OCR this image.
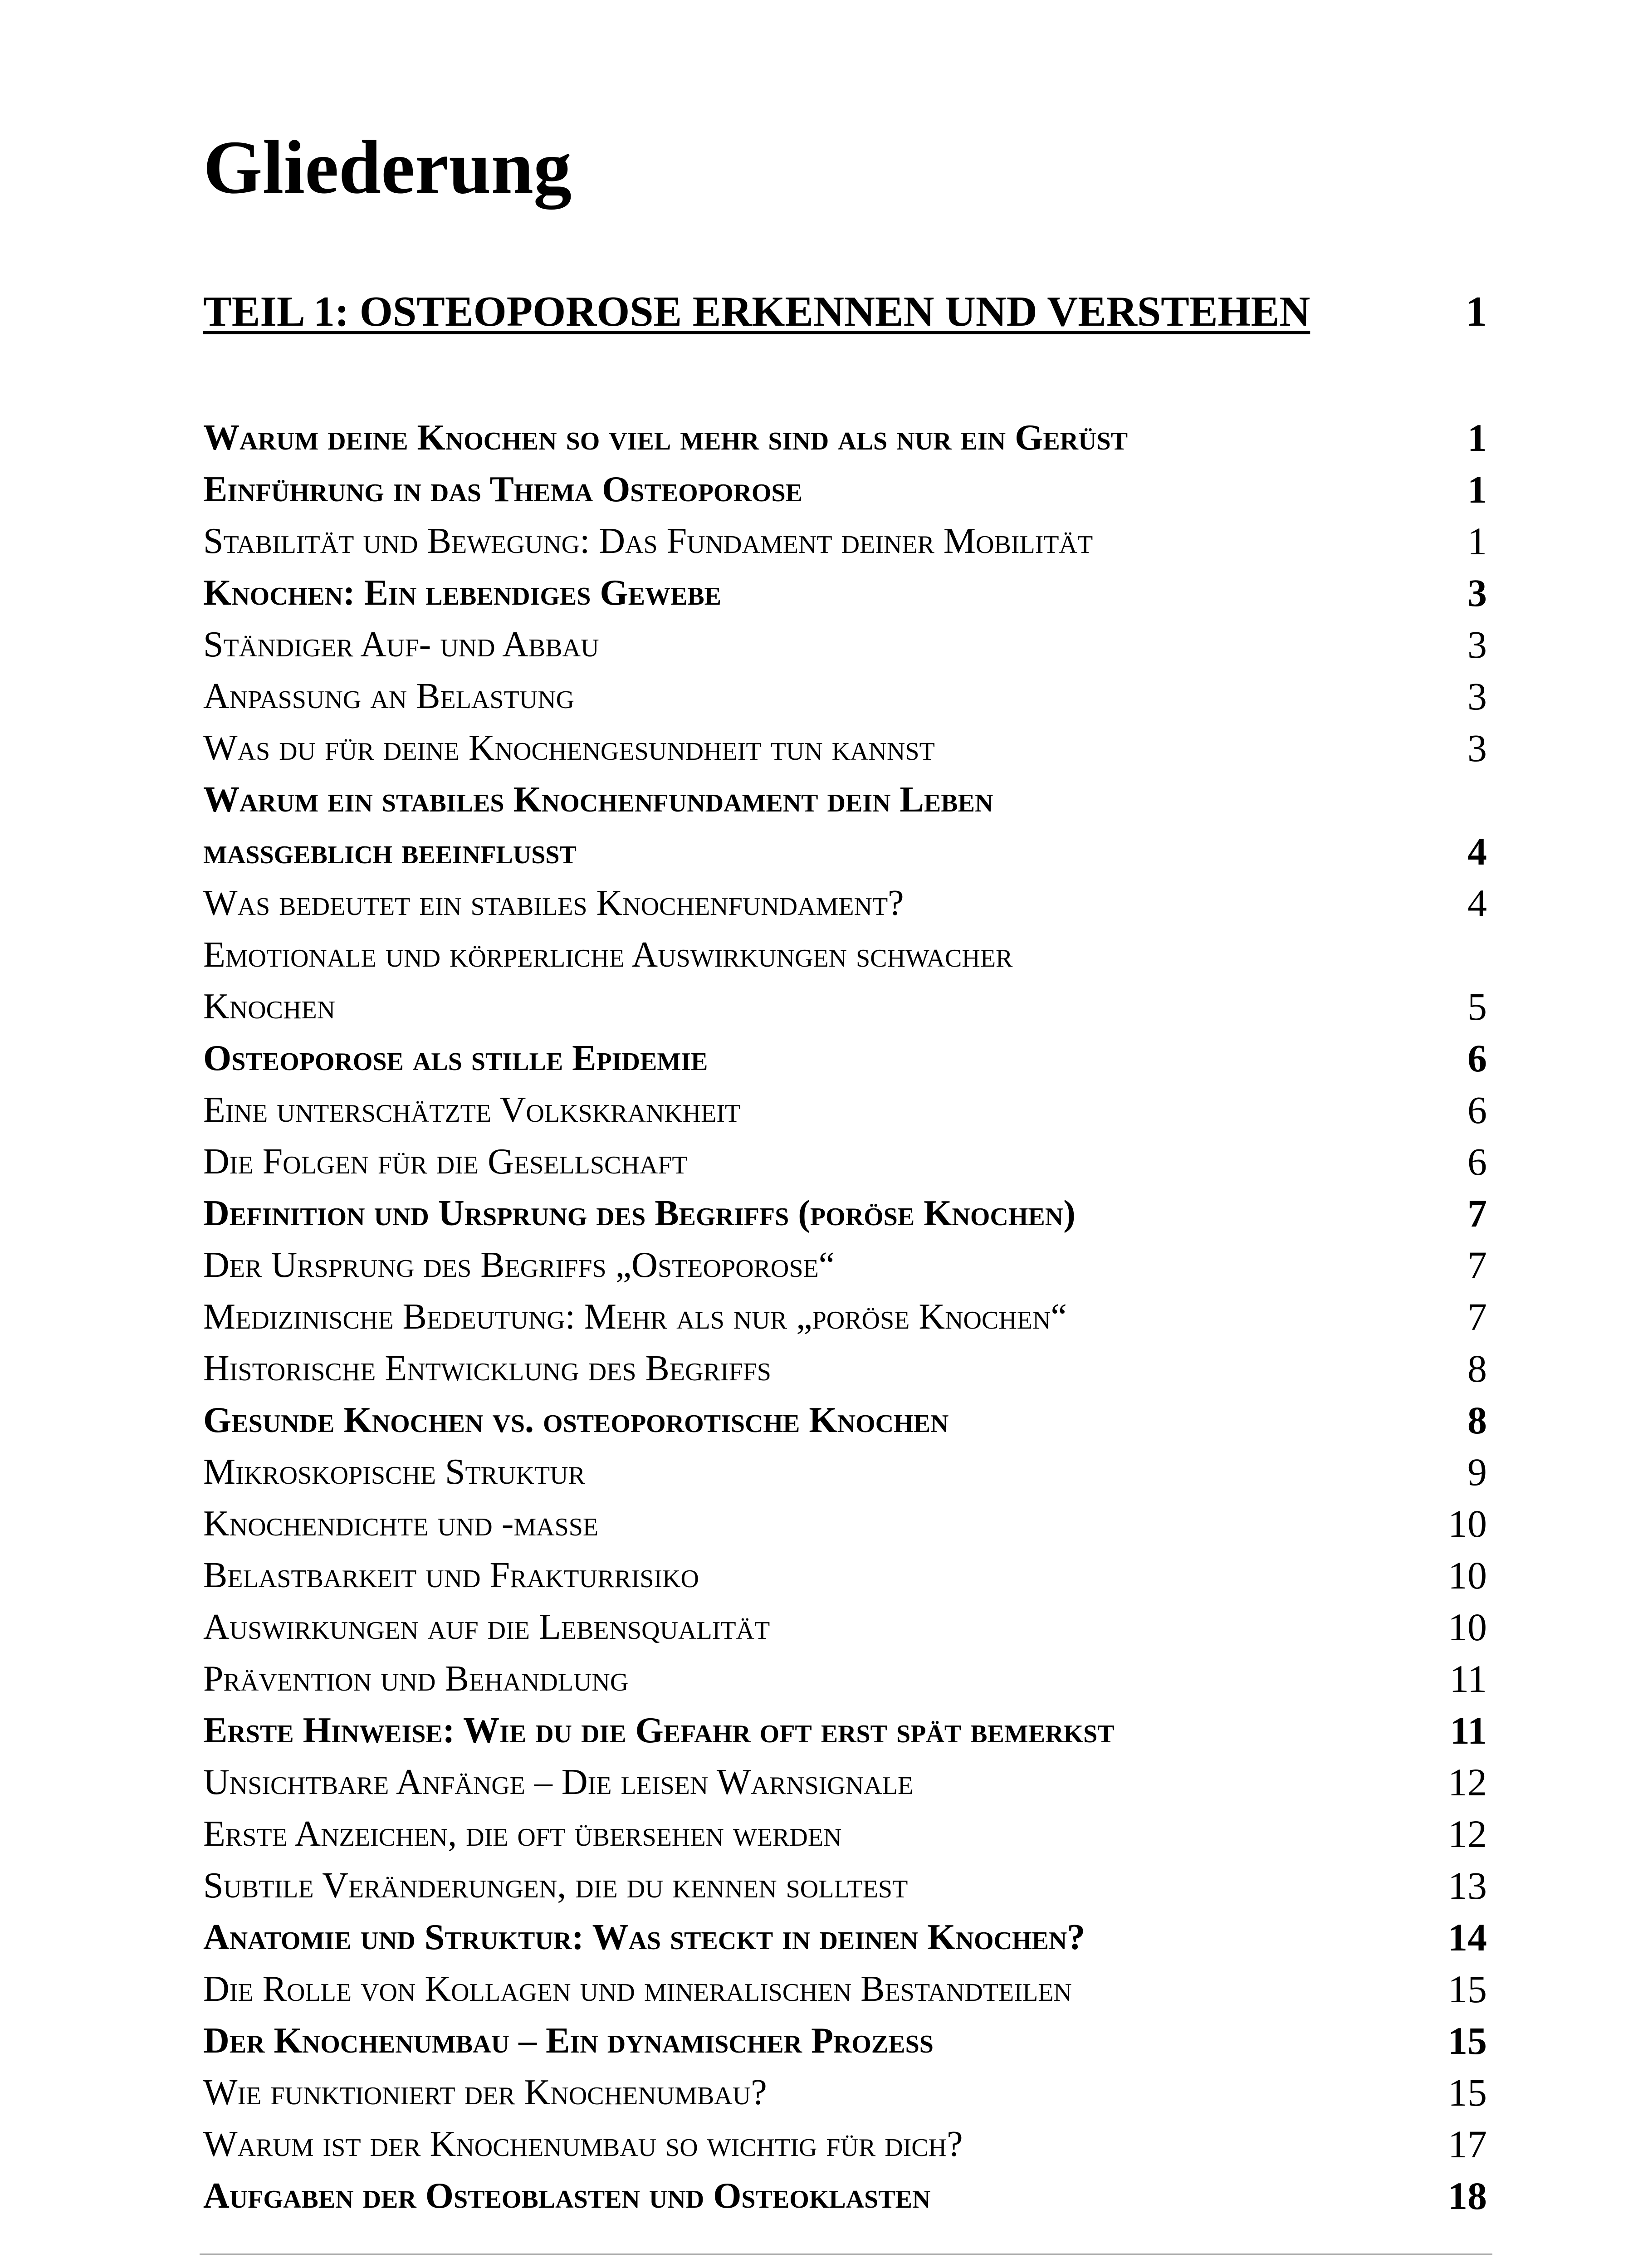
Gliederung
TEIL 1: OSTEOPOROSE ERKENNEN UND VERSTEHEN	1
Warum deine Knochen so viel mehr sind als nur ein Gerüst	1
Einführung in das Thema Osteoporose	1
Stabilität und Bewegung: Das Fundament deiner Mobilität	1
Knochen: Ein lebendiges Gewebe	3
Ständiger Auf- und Abbau	3
Anpassung an Belastung	3
Was du für deine Knochengesundheit tun kannst	3
Warum ein stabiles Knochenfundament dein Leben
maßgeblich beeinflusst	4
Was bedeutet ein stabiles Knochenfundament?	4
Emotionale und körperliche Auswirkungen schwacher
Knochen	5
Osteoporose als stille Epidemie	6
Eine unterschätzte Volkskrankheit	6
Die Folgen für die Gesellschaft	6
Definition und Ursprung des Begriffs (poröse Knochen)	7
Der Ursprung des Begriffs „Osteoporose“	7
Medizinische Bedeutung: Mehr als nur „poröse Knochen“	7
Historische Entwicklung des Begriffs	8
Gesunde Knochen vs. osteoporotische Knochen	8
Mikroskopische Struktur	9
Knochendichte und -masse	10
Belastbarkeit und Frakturrisiko	10
Auswirkungen auf die Lebensqualität	10
Prävention und Behandlung	11
Erste Hinweise: Wie du die Gefahr oft erst spät bemerkst	11
Unsichtbare Anfänge – Die leisen Warnsignale	12
Erste Anzeichen, die oft übersehen werden	12
Subtile Veränderungen, die du kennen solltest	13
Anatomie und Struktur: Was steckt in deinen Knochen?	14
Die Rolle von Kollagen und mineralischen Bestandteilen	15
Der Knochenumbau – Ein dynamischer Prozess	15
Wie funktioniert der Knochenumbau?	15
Warum ist der Knochenumbau so wichtig für dich?	17
Aufgaben der Osteoblasten und Osteoklasten	18
